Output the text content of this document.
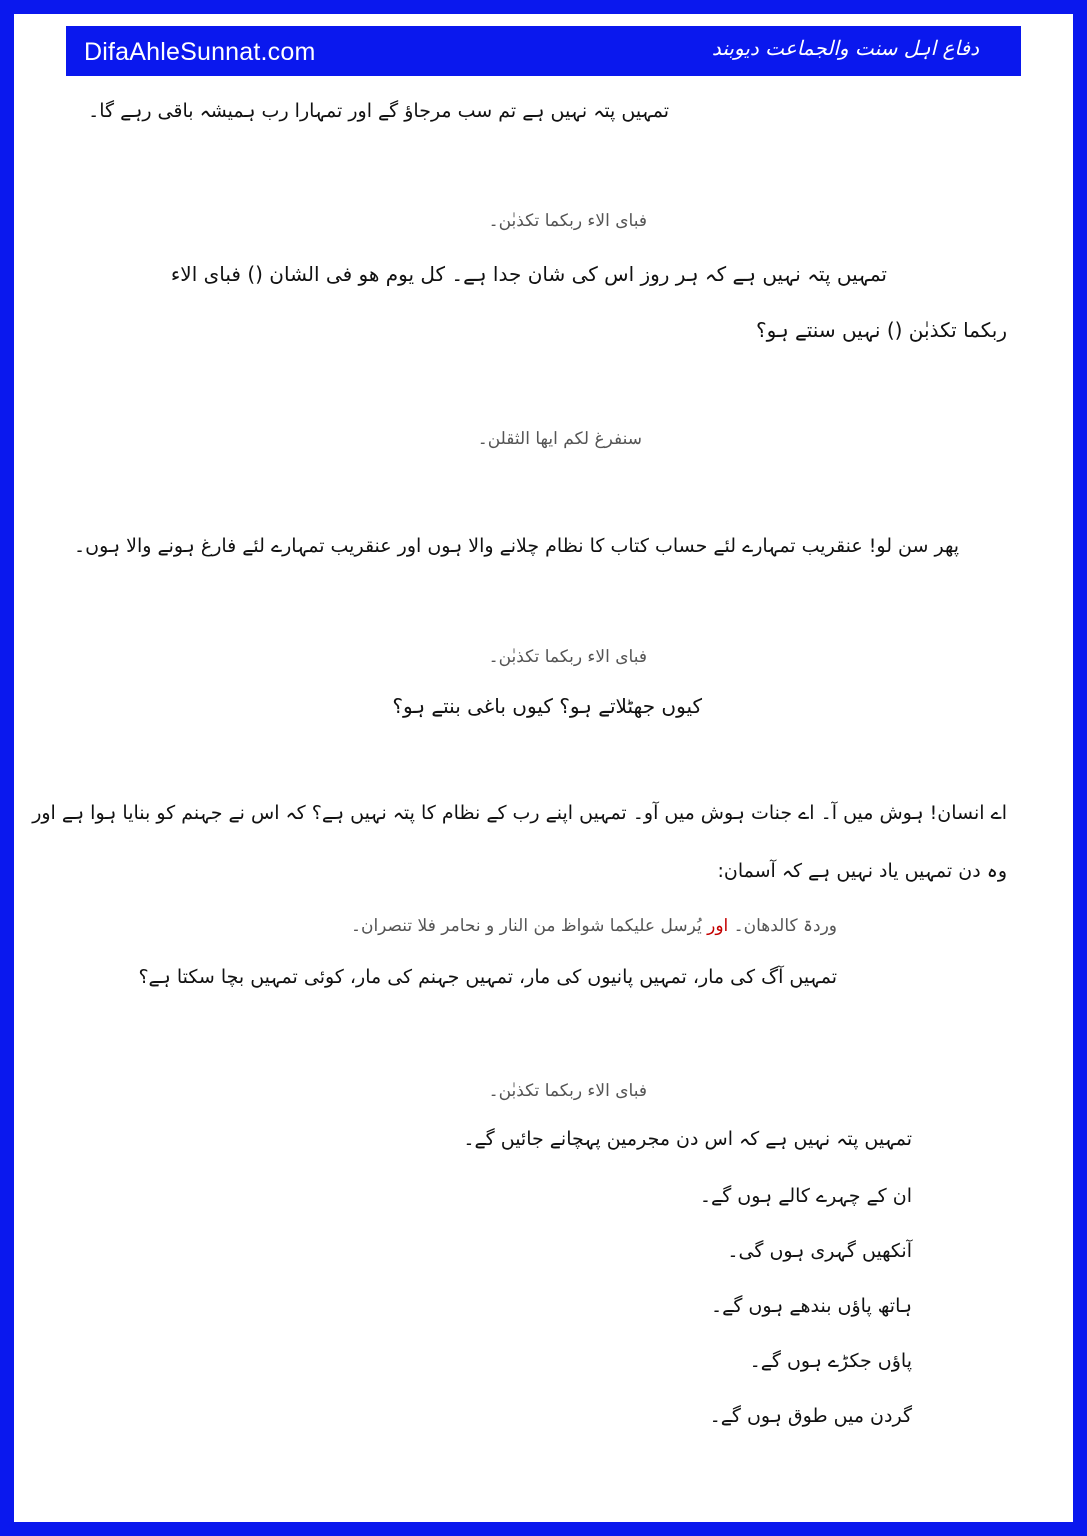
DifaAhleSunnat.com	دفاع اہل سنت والجماعت دیوبند
تمہیں پتہ نہیں ہے تم سب مرجاؤ گے اور تمہارا رب ہمیشہ باقی رہے گا۔
فبای الاء ربکما تکذبٰن۔
تمہیں پتہ نہیں ہے کہ ہر روز اس کی شان جدا ہے۔ کل یوم ھو فی الشان () فبای الاء
ربکما تکذبٰن () نہیں سنتے ہو؟
سنفرغ لکم ایھا الثقلن۔
پھر سن لو! عنقریب تمہارے لئے حساب کتاب کا نظام چلانے والا ہوں اور عنقریب تمہارے لئے فارغ ہونے والا ہوں۔
فبای الاء ربکما تکذبٰن۔
کیوں جھٹلاتے ہو؟ کیوں باغی بنتے ہو؟
اے انسان! ہوش میں آ۔ اے جنات ہوش میں آو۔ تمہیں اپنے رب کے نظام کا پتہ نہیں ہے؟ کہ اس نے جہنم کو بنایا ہوا ہے اور
وہ دن تمہیں یاد نہیں ہے کہ آسمان:
وردۃ کالدھان۔ اور یُرسل علیکما شواظ من النار و نحامر فلا تنصران۔
تمہیں آگ کی مار، تمہیں پانیوں کی مار، تمہیں جہنم کی مار، کوئی تمہیں بچا سکتا ہے؟
فبای الاء ربکما تکذبٰن۔
تمہیں پتہ نہیں ہے کہ اس دن مجرمین پہچانے جائیں گے۔
ان کے چہرے کالے ہوں گے۔
آنکھیں گہری ہوں گی۔
ہاتھ پاؤں بندھے ہوں گے۔
پاؤں جکڑے ہوں گے۔
گردن میں طوق ہوں گے۔
